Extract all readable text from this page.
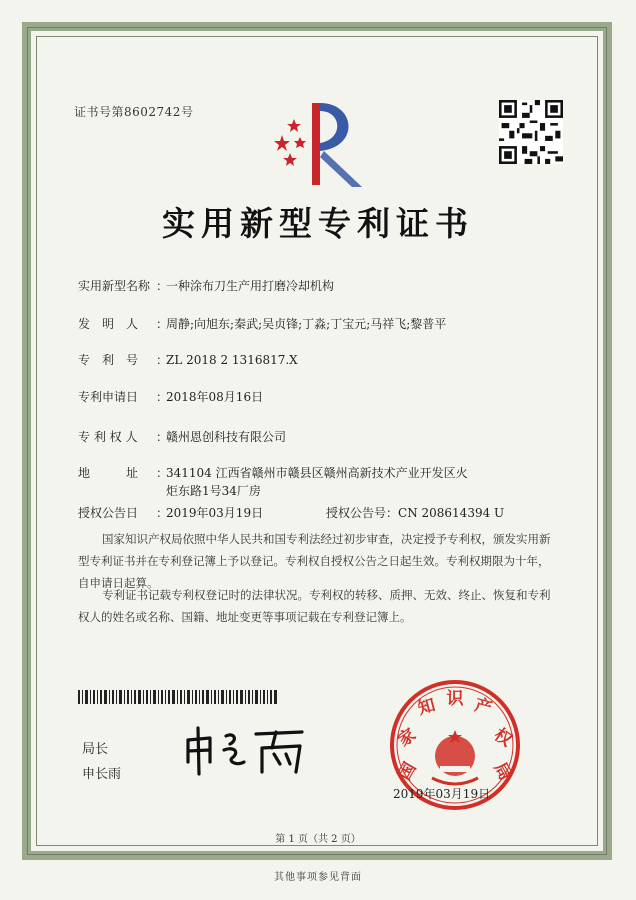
证书号第8602742号
实用新型专利证书
实用新型名称 ：一种涂布刀生产用打磨冷却机构
发　明　人 ：周静;向旭东;秦武;吴贞锋;丁淼;丁宝元;马祥飞;黎普平
专　利　号 ：ZL 2018 2 1316817.X
专利申请日 ：2018年08月16日
专 利 权 人 ：赣州恩创科技有限公司
地　　　址 ：341104 江西省赣州市赣县区赣州高新技术产业开发区火
炬东路1号34厂房
授权公告日 ：2019年03月19日	授权公告号：CN 208614394 U
国家知识产权局依照中华人民共和国专利法经过初步审查，决定授予专利权，颁发实用新型专利证书并在专利登记簿上予以登记。专利权自授权公告之日起生效。专利权期限为十年，自申请日起算。
专利证书记载专利权登记时的法律状况。专利权的转移、质押、无效、终止、恢复和专利权人的姓名或名称、国籍、地址变更等事项记载在专利登记簿上。
局长
申长雨	国
家
知 识 产
权
局
2019年03月19日
第 1 页（共 2 页）
其他事项参见背面
